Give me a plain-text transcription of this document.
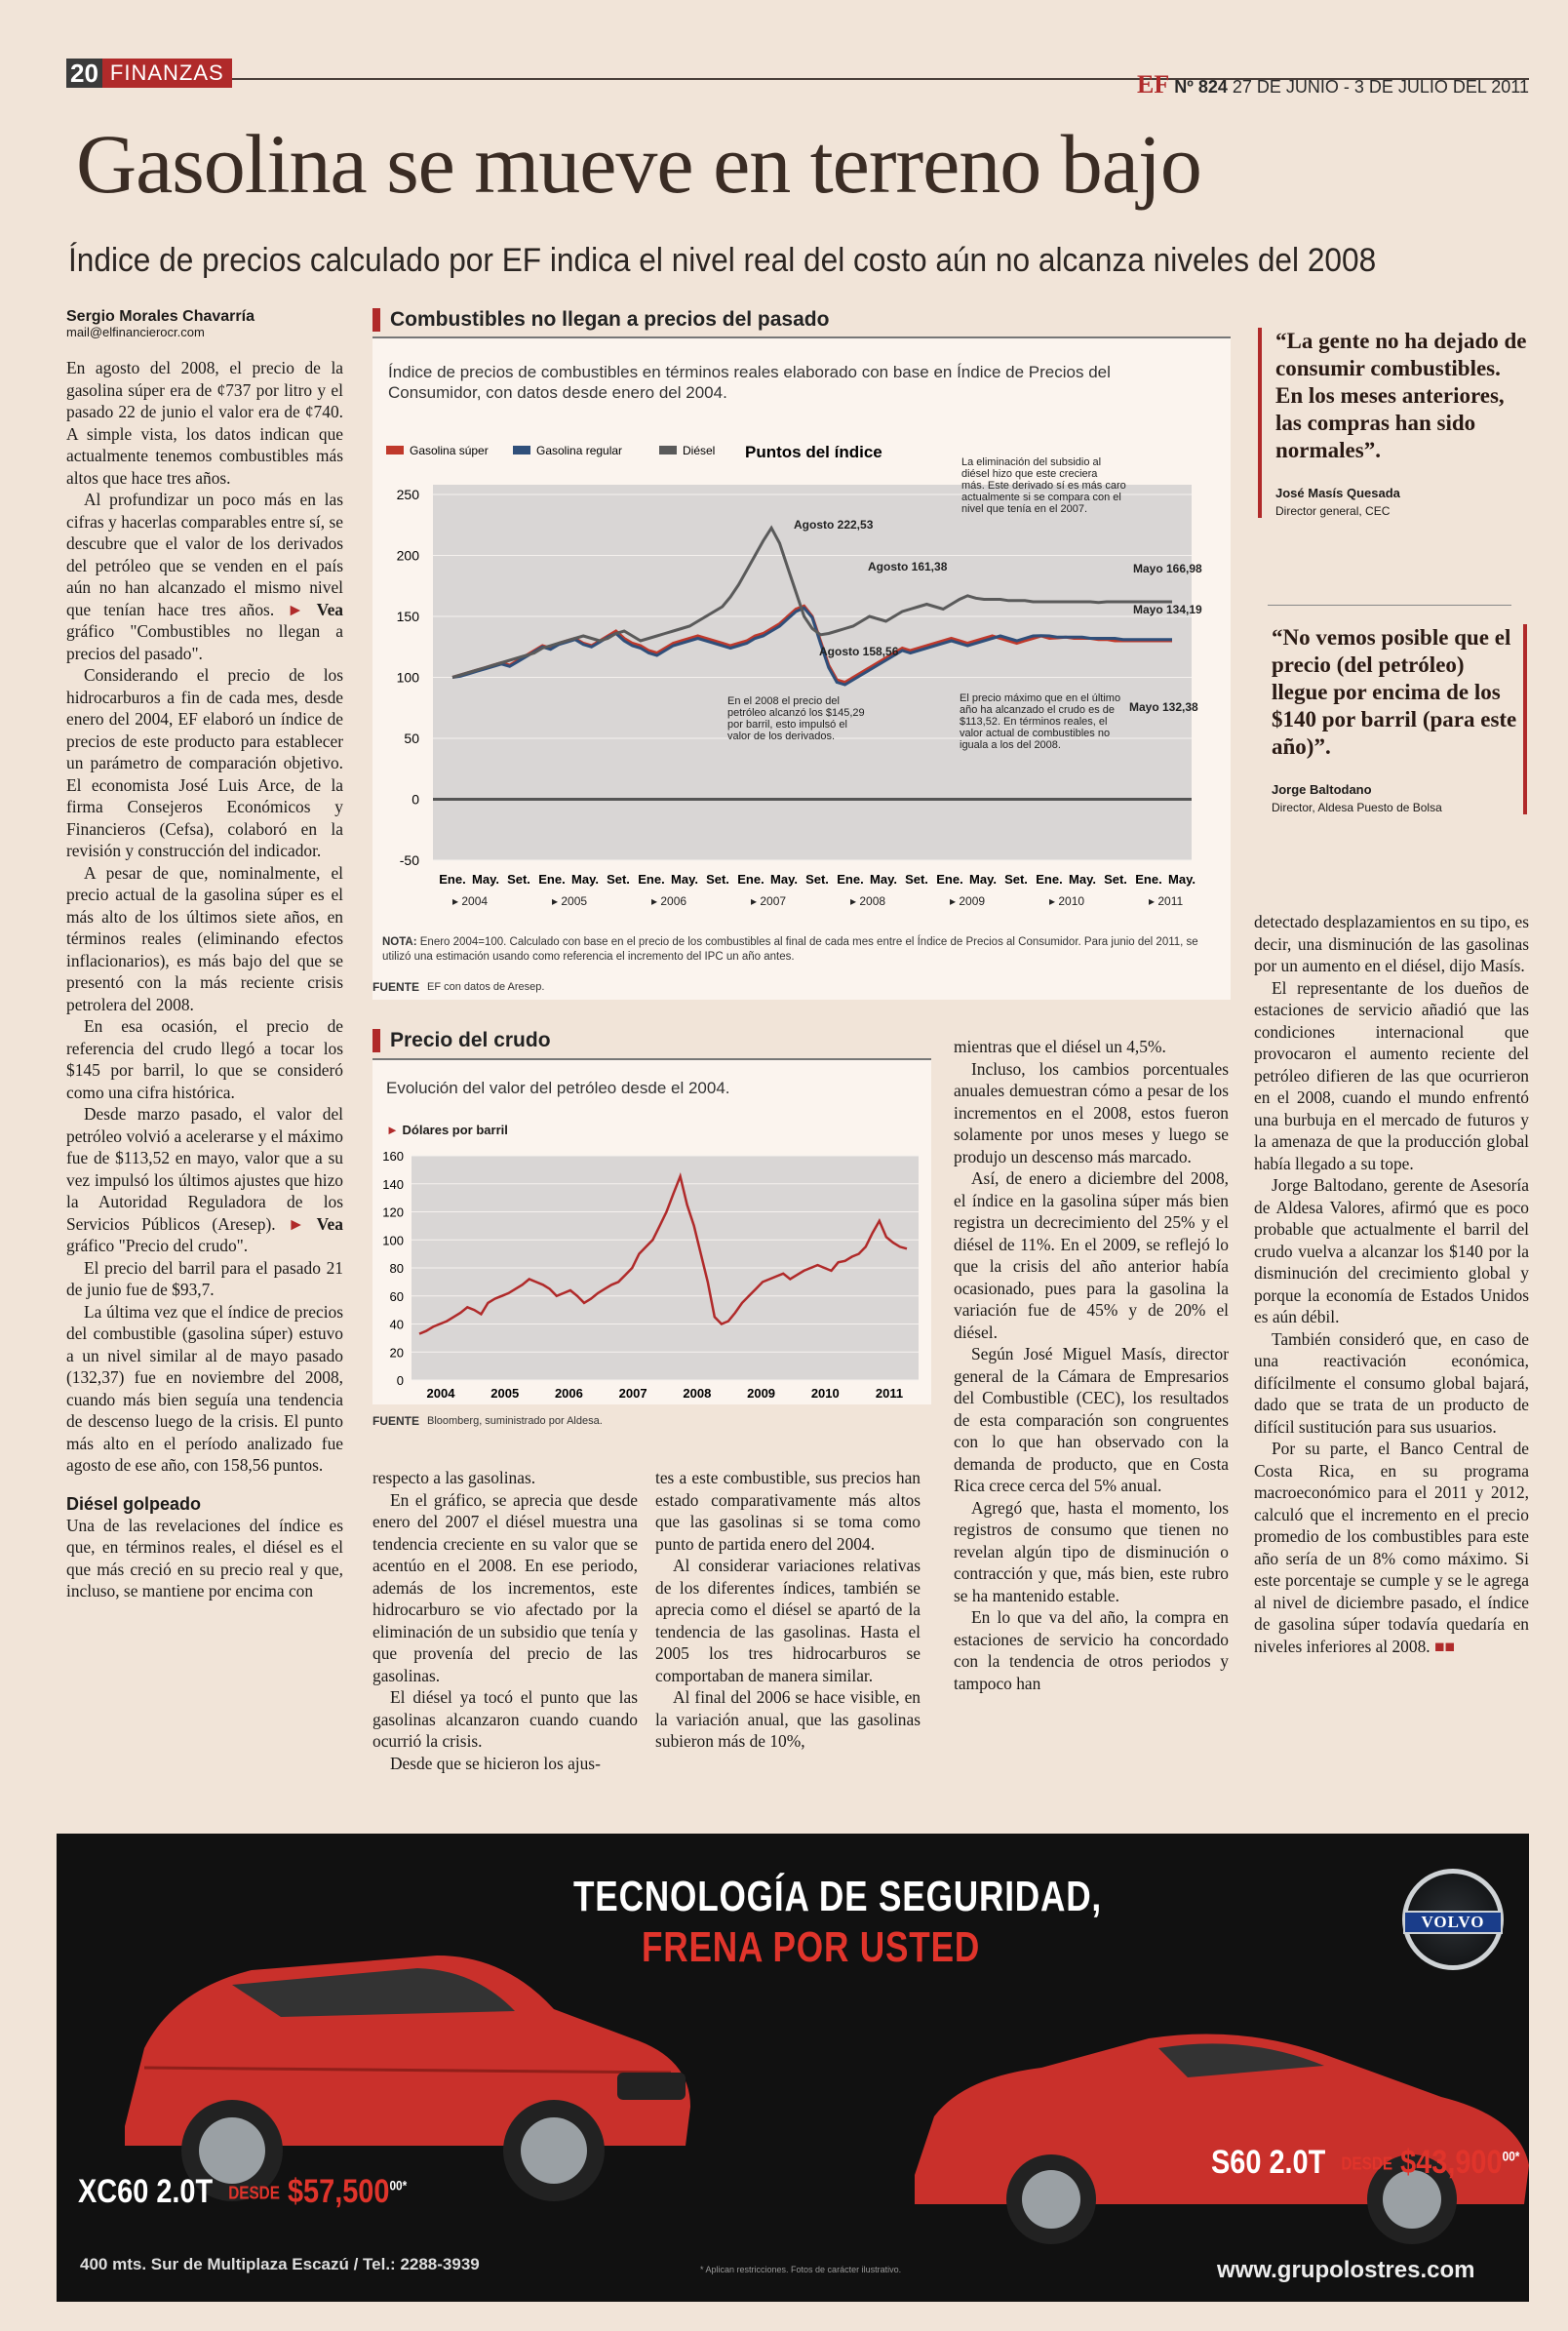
20 FINANZAS	EF Nº 824 27 DE JUNIO - 3 DE JULIO DEL 2011
Gasolina se mueve en terreno bajo
Índice de precios calculado por EF indica el nivel real del costo aún no alcanza niveles del 2008
Sergio Morales Chavarría
mail@elfinancierocr.com

En agosto del 2008, el precio de la gasolina súper era de ¢737 por litro y el pasado 22 de junio el valor era de ¢740. A simple vista, los datos indican que actualmente tenemos combustibles más altos que hace tres años.

Al profundizar un poco más en las cifras y hacerlas comparables entre sí, se descubre que el valor de los derivados del petróleo que se venden en el país aún no han alcanzado el mismo nivel que tenían hace tres años. ► Vea gráfico "Combustibles no llegan a precios del pasado".

Considerando el precio de los hidrocarburos a fin de cada mes, desde enero del 2004, EF elaboró un índice de precios de este producto para establecer un parámetro de comparación objetivo. El economista José Luis Arce, de la firma Consejeros Económicos y Financieros (Cefsa), colaboró en la revisión y construcción del indicador.

A pesar de que, nominalmente, el precio actual de la gasolina súper es el más alto de los últimos siete años, en términos reales (eliminando efectos inflacionarios), es más bajo del que se presentó con la más reciente crisis petrolera del 2008.

En esa ocasión, el precio de referencia del crudo llegó a tocar los $145 por barril, lo que se consideró como una cifra histórica.

Desde marzo pasado, el valor del petróleo volvió a acelerarse y el máximo fue de $113,52 en mayo, valor que a su vez impulsó los últimos ajustes que hizo la Autoridad Reguladora de los Servicios Públicos (Aresep). ► Vea gráfico "Precio del crudo".

El precio del barril para el pasado 21 de junio fue de $93,7.

La última vez que el índice de precios del combustible (gasolina súper) estuvo a un nivel similar al de mayo pasado (132,37) fue en noviembre del 2008, cuando más bien seguía una tendencia de descenso luego de la crisis. El punto más alto en el período analizado fue agosto de ese año, con 158,56 puntos.

Diésel golpeado

Una de las revelaciones del índice es que, en términos reales, el diésel es el que más creció en su precio real y que, incluso, se mantiene por encima con

Combustibles no llegan a precios del pasado
Índice de precios de combustibles en términos reales elaborado con base en Índice de Precios del Consumidor, con datos desde enero del 2004.
250
200
150
100
50
0
-50
Ene. May. Set. Ene. May. Set. Ene. May. Set. Ene. May. Set. Ene. May. Set. Ene. May. Set. Ene. May. Set. Ene. May.
▸ 2004	▸ 2005	▸ 2006	▸ 2007	▸ 2008	▸ 2009	▸ 2010	▸ 2011
Gasolina súper	Gasolina regular	Diésel Puntos del índice
Agosto 222,53
Agosto 161,38
Agosto 158,56
Mayo 166,98
Mayo 134,19
Mayo 132,38
La eliminación del subsidio al
diésel hizo que este creciera
más. Este derivado sí es más caro
actualmente si se compara con el
nivel que tenía en el 2007.
En el 2008 el precio del
petróleo alcanzó los $145,29
por barril, esto impulsó el
valor de los derivados.
El precio máximo que en el último
año ha alcanzado el crudo es de
$113,52. En términos reales, el
valor actual de combustibles no
iguala a los del 2008.
NOTA: Enero 2004=100. Calculado con base en el precio de los combustibles al final de cada mes entre el Índice de Precios al Consumidor. Para junio del 2011, se utilizó una estimación usando como referencia el incremento del IPC un año antes.
FUENTE EF con datos de Aresep.
Precio del crudo
Evolución del valor del petróleo desde el 2004.
► Dólares por barril
160
140
120
100
80
60
40
20
0
2004	2005	2006	2007	2008	2009	2010	2011
FUENTE Bloomberg, suministrado por Aldesa.

respecto a las gasolinas.

En el gráfico, se aprecia que desde enero del 2007 el diésel muestra una tendencia creciente en su valor que se acentúo en el 2008. En ese periodo, además de los incrementos, este hidrocarburo se vio afectado por la eliminación de un subsidio que tenía y que provenía del precio de las gasolinas.

El diésel ya tocó el punto que las gasolinas alcanzaron cuando cuando ocurrió la crisis.

Desde que se hicieron los ajus-

tes a este combustible, sus precios han estado comparativamente más altos que las gasolinas si se toma como punto de partida enero del 2004.

Al considerar variaciones relativas de los diferentes índices, también se aprecia como el diésel se apartó de la tendencia de las gasolinas. Hasta el 2005 los tres hidrocarburos se comportaban de manera similar.

Al final del 2006 se hace visible, en la variación anual, que las gasolinas subieron más de 10%,

mientras que el diésel un 4,5%.

Incluso, los cambios porcentuales anuales demuestran cómo a pesar de los incrementos en el 2008, estos fueron solamente por unos meses y luego se produjo un descenso más marcado.

Así, de enero a diciembre del 2008, el índice en la gasolina súper más bien registra un decrecimiento del 25% y el diésel de 11%. En el 2009, se reflejó lo que la crisis del año anterior había ocasionado, pues para la gasolina la variación fue de 45% y de 20% el diésel.

Según José Miguel Masís, director general de la Cámara de Empresarios del Combustible (CEC), los resultados de esta comparación son congruentes con lo que han observado con la demanda de producto, que en Costa Rica crece cerca del 5% anual.

Agregó que, hasta el momento, los registros de consumo que tienen no revelan algún tipo de disminución o contracción y que, más bien, este rubro se ha mantenido estable.

En lo que va del año, la compra en estaciones de servicio ha concordado con la tendencia de otros periodos y tampoco han

“La gente no ha dejado de consumir combustibles. En los meses anteriores, las compras han sido normales”.
José Masís Quesada
Director general, CEC
“No vemos posible que el precio (del petróleo) llegue por encima de los $140 por barril (para este año)”.
Jorge Baltodano
Director, Aldesa Puesto de Bolsa

detectado desplazamientos en su tipo, es decir, una disminución de las gasolinas por un aumento en el diésel, dijo Masís.

El representante de los dueños de estaciones de servicio añadió que las condiciones internacional que provocaron el aumento reciente del petróleo difieren de las que ocurrieron en el 2008, cuando el mundo enfrentó una burbuja en el mercado de futuros y la amenaza de que la producción global había llegado a su tope.

Jorge Baltodano, gerente de Asesoría de Aldesa Valores, afirmó que es poco probable que actualmente el barril del crudo vuelva a alcanzar los $140 por la disminución del crecimiento global y porque la economía de Estados Unidos es aún débil.

También consideró que, en caso de una reactivación económica, difícilmente el consumo global bajará, dado que se trata de un producto de difícil sustitución para sus usuarios.

Por su parte, el Banco Central de Costa Rica, en su programa macroeconómico para el 2011 y 2012, calculó que el incremento en el precio promedio de los combustibles para este año sería de un 8% como máximo. Si este porcentaje se cumple y se le agrega al nivel de diciembre pasado, el índice de gasolina súper todavía quedaría en niveles inferiores al 2008. ■■

TECNOLOGÍA DE SEGURIDAD,
FRENA POR USTED
VOLVO
XC60 2.0T DESDE $\$57,500^{00*}$
S60 2.0T DESDE $\$43,900^{00*}$
400 mts. Sur de Multiplaza Escazú / Tel.: 2288-3939	* Aplican restricciones. Fotos de carácter ilustrativo.	www.grupolostres.com
